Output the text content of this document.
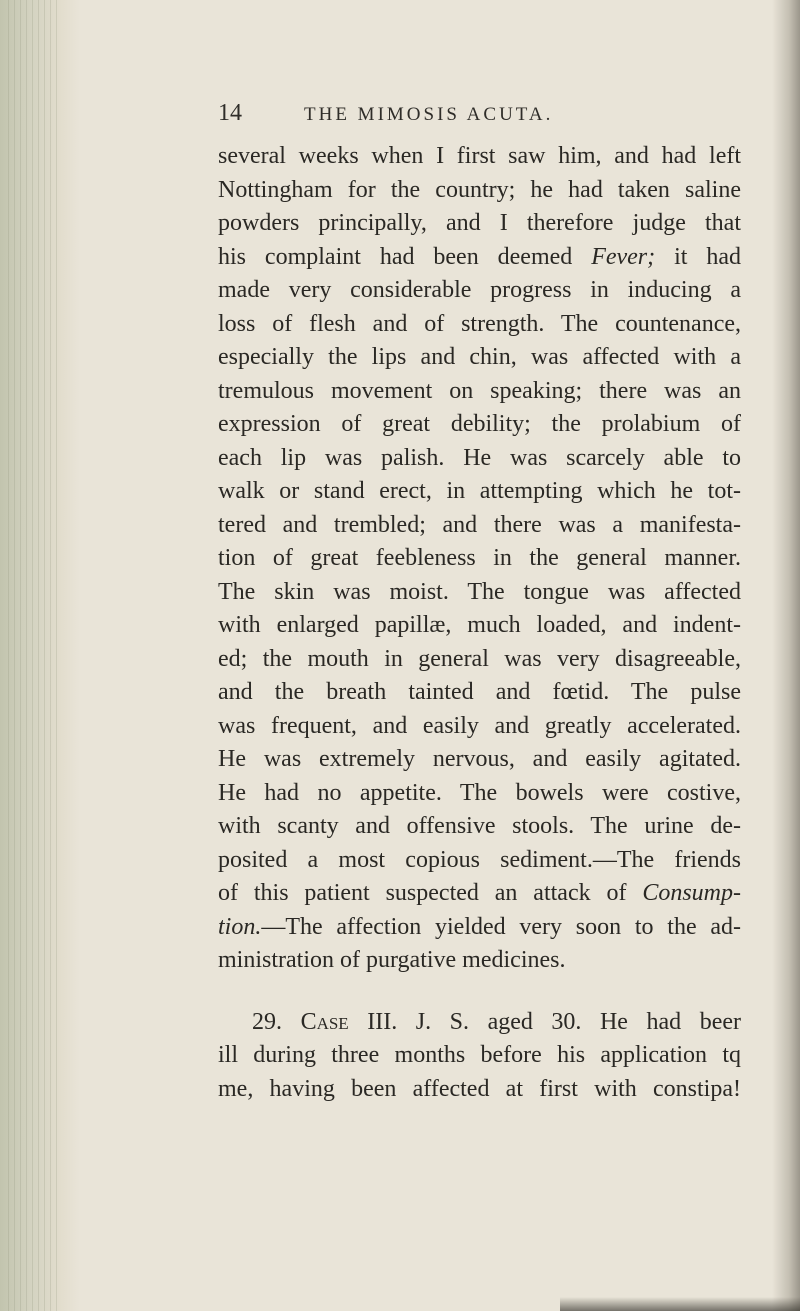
14	THE MIMOSIS ACUTA.
several weeks when I first saw him, and had left
Nottingham for the country; he had taken saline
powders principally, and I therefore judge that
his complaint had been deemed Fever; it had
made very considerable progress in inducing a
loss of flesh and of strength. The countenance,
especially the lips and chin, was affected with a
tremulous movement on speaking; there was an
expression of great debility; the prolabium of
each lip was palish. He was scarcely able to
walk or stand erect, in attempting which he tot-
tered and trembled; and there was a manifesta-
tion of great feebleness in the general manner.
The skin was moist. The tongue was affected
with enlarged papillæ, much loaded, and indent-
ed; the mouth in general was very disagreeable,
and the breath tainted and fœtid. The pulse
was frequent, and easily and greatly accelerated.
He was extremely nervous, and easily agitated.
He had no appetite. The bowels were costive,
with scanty and offensive stools. The urine de-
posited a most copious sediment.—The friends
of this patient suspected an attack of Consump-
tion.—The affection yielded very soon to the ad-
ministration of purgative medicines.
29. Case III. J. S. aged 30. He had beer
ill during three months before his application tq
me, having been affected at first with constipa!
